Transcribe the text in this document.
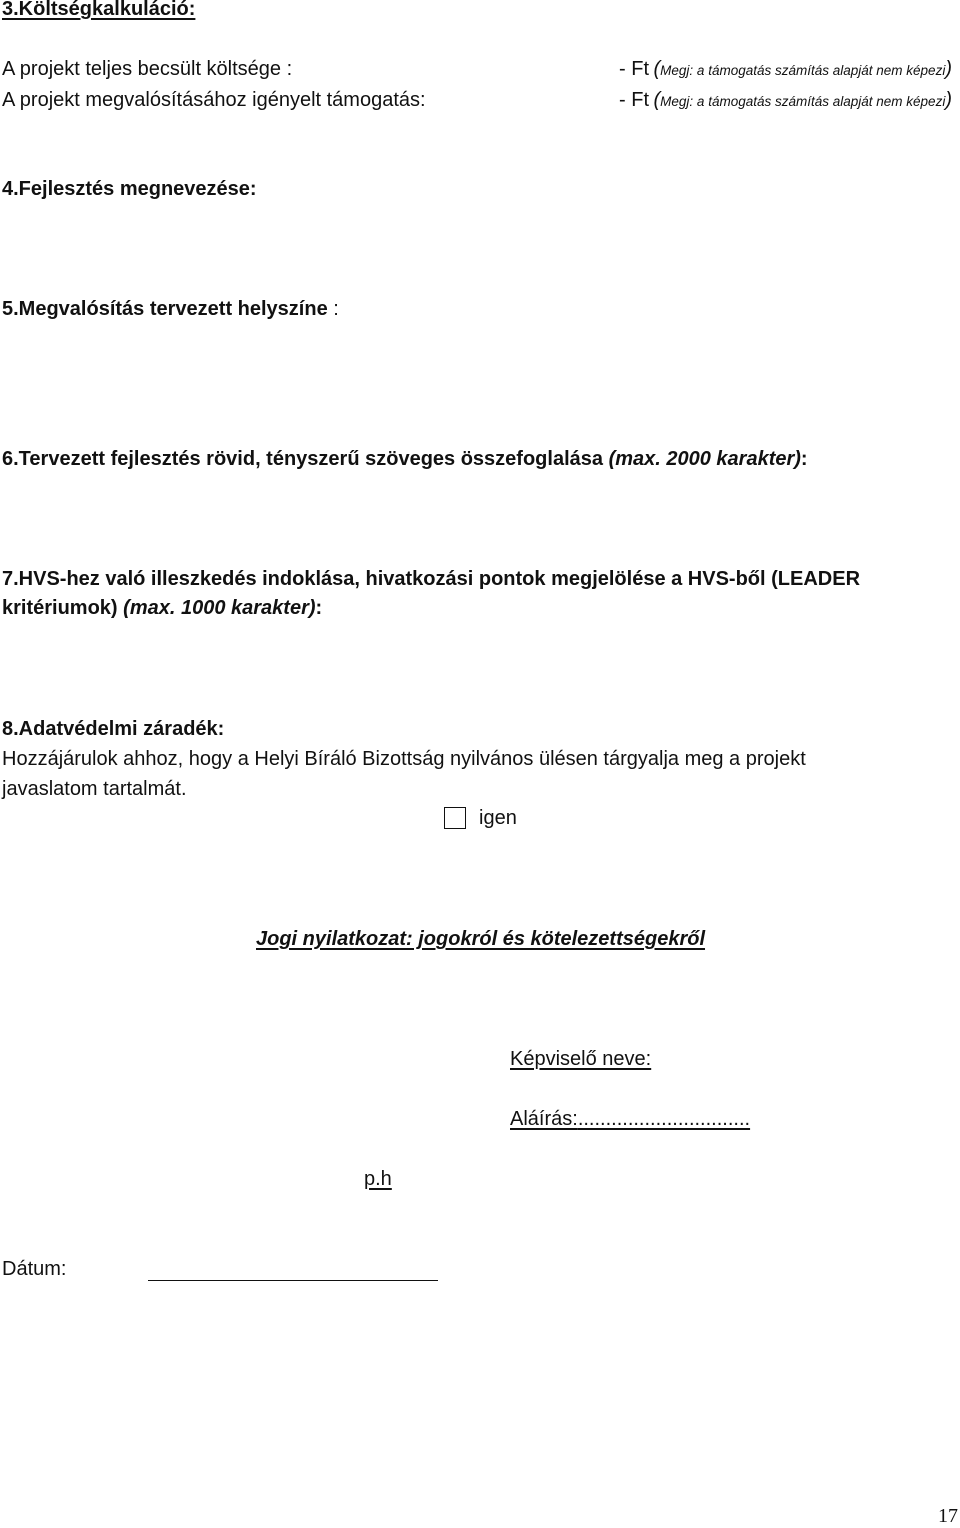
3.Költségkalkuláció:
A projekt teljes becsült költsége :	- Ft (Megj: a támogatás számítás alapját nem képezi)
A projekt megvalósításához igényelt támogatás:	- Ft (Megj: a támogatás számítás alapját nem képezi)
4.Fejlesztés megnevezése:
5.Megvalósítás tervezett helyszíne :
6.Tervezett fejlesztés rövid, tényszerű szöveges összefoglalása (max. 2000 karakter):
7.HVS-hez való illeszkedés indoklása, hivatkozási pontok megjelölése a HVS-ből (LEADER
kritériumok) (max. 1000 karakter):
8.Adatvédelmi záradék:
Hozzájárulok ahhoz, hogy a Helyi Bíráló Bizottság nyilvános ülésen tárgyalja meg a projekt
javaslatom tartalmát.
igen
Jogi nyilatkozat: jogokról és kötelezettségekről
Képviselő neve:
Aláírás:...............................
p.h
Dátum:
17
